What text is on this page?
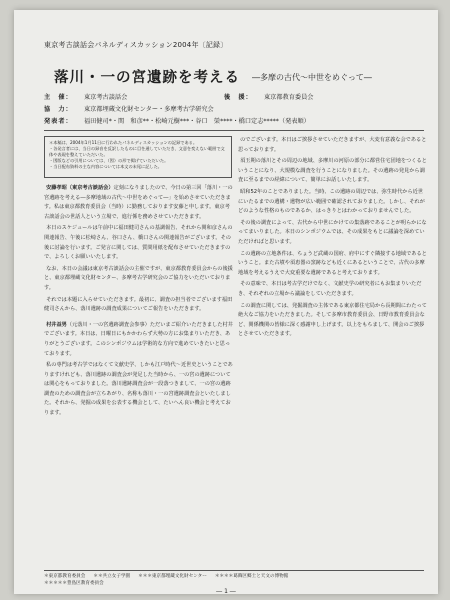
東京考古談話会パネルディスカッション2004年〔記録〕
落川・一の宮遺跡を考える ―多摩の古代〜中世をめぐって―
主　催： 東京考古談話会	後　援： 東京都教育委員会
協　力： 東京都埋蔵文化財センター・多摩考古学研究会
発表者： 福田健司*・関　和彦**・松崎元樹***・谷口　榮****・橋口定志*****（発表順）
＊本稿は、2004年1月11日に行われたパネルディスカッションの記録である。
・各発言者には、当日の録音を反訳したものに目を通していただき、文意を変えない範囲で文体や表現を整えていただいた。
・図版などの引用については、（図）の形で掲げていただいた。
・当日配布資料の主な内容については本文の末尾に記した。

安藤孝昭（東京考古談話会）定刻になりましたので、今日の第三回「落川・一の宮遺跡を考える―多摩地域の古代〜中世をめぐって―」を始めさせていただきます。私は東京都教育委員会（当時）に勤務しております安藤と申します。東京考古談話会の世話人という立場で、進行係を務めさせていただきます。

本日のスケジュールは午前中に福田健司さんの基調報告、それから関和彦さんの関連報告、午後に松崎さん、谷口さん、橋口さんの関連報告がございます。その後に討論を行います。ご発言に関しては、質問用紙を配布させていただきますので、よろしくお願いいたします。

なお、本日の会議は東京考古談話会の主催ですが、東京都教育委員会からの後援と、東京都埋蔵文化財センター、多摩考古学研究会のご協力をいただいております。

それでは本題に入らせていただきます。最初に、調査の担当者でございます福田健司さんから、落川遺跡の調査成果についてご報告をいただきます。

村井益男（元落川・一の宮遺跡調査会参事）ただいまご紹介いただきました村井でございます。本日は、日曜日にもかかわらず大勢の方にお集まりいただき、ありがとうございます。このシンポジウムは学術的な方向で進めていきたいと思っております。

私の専門は考古学ではなくて文献史学、しかも江戸時代〜近世史ということでありますけれども、落川遺跡の調査会が発足した当時から、一の宮の遺跡については関心をもっておりました。落川遺跡調査会が一段落つきまして、一の宮の遺跡調査のための調査会が立ちあがり、名称も落川・一の宮遺跡調査会といたしました。それから、発掘の成果を公表する機会として、たいへん良い機会と考えております。

のでございます。本日はご挨拶させていただきますが、大変有意義な会であると思っております。

須玉期の落川とその周辺の地域、多摩川の河原の部分に都営住宅団地をつくるということになり、大規模な調査を行うことになりました。その遺跡の発見から調査に至るまでの経緯について、簡単にお話しいたします。

昭和52年のことでありました。当時、この遺跡の周辺では、弥生時代から近世にいたるまでの遺構・遺物が広い範囲で確認されておりました。しかし、それがどのような性格のものであるか、はっきりとはわかっておりませんでした。

その後の調査によって、古代から中世にかけての集落跡であることが明らかになってまいりました。本日のシンポジウムでは、その成果をもとに議論を深めていただければと思います。

この遺跡の立地条件は、ちょうど武蔵の国府、府中にすぐ隣接する地域であるということ。また古墳や須恵器の窯跡なども近くにあるということで、古代の多摩地域を考えるうえで大変重要な遺跡であると考えております。

その意味で、本日は考古学だけでなく、文献史学の研究者にもお集まりいただき、それぞれの立場から議論をしていただきます。

この調査に関しては、発掘調査の主体である東京都住宅局から長期間にわたって絶大なご協力をいただきました。そして多摩市教育委員会、日野市教育委員会など、関係機関の皆様に深く感謝申し上げます。以上をもちまして、開会のご挨拶とさせていただきます。

＊東京都教育委員会 ＊＊共立女子学園 ＊＊＊東京都埋蔵文化財センター ＊＊＊＊葛飾区郷土と天文の博物館
＊＊＊＊＊豊島区教育委員会
― 1 ―
